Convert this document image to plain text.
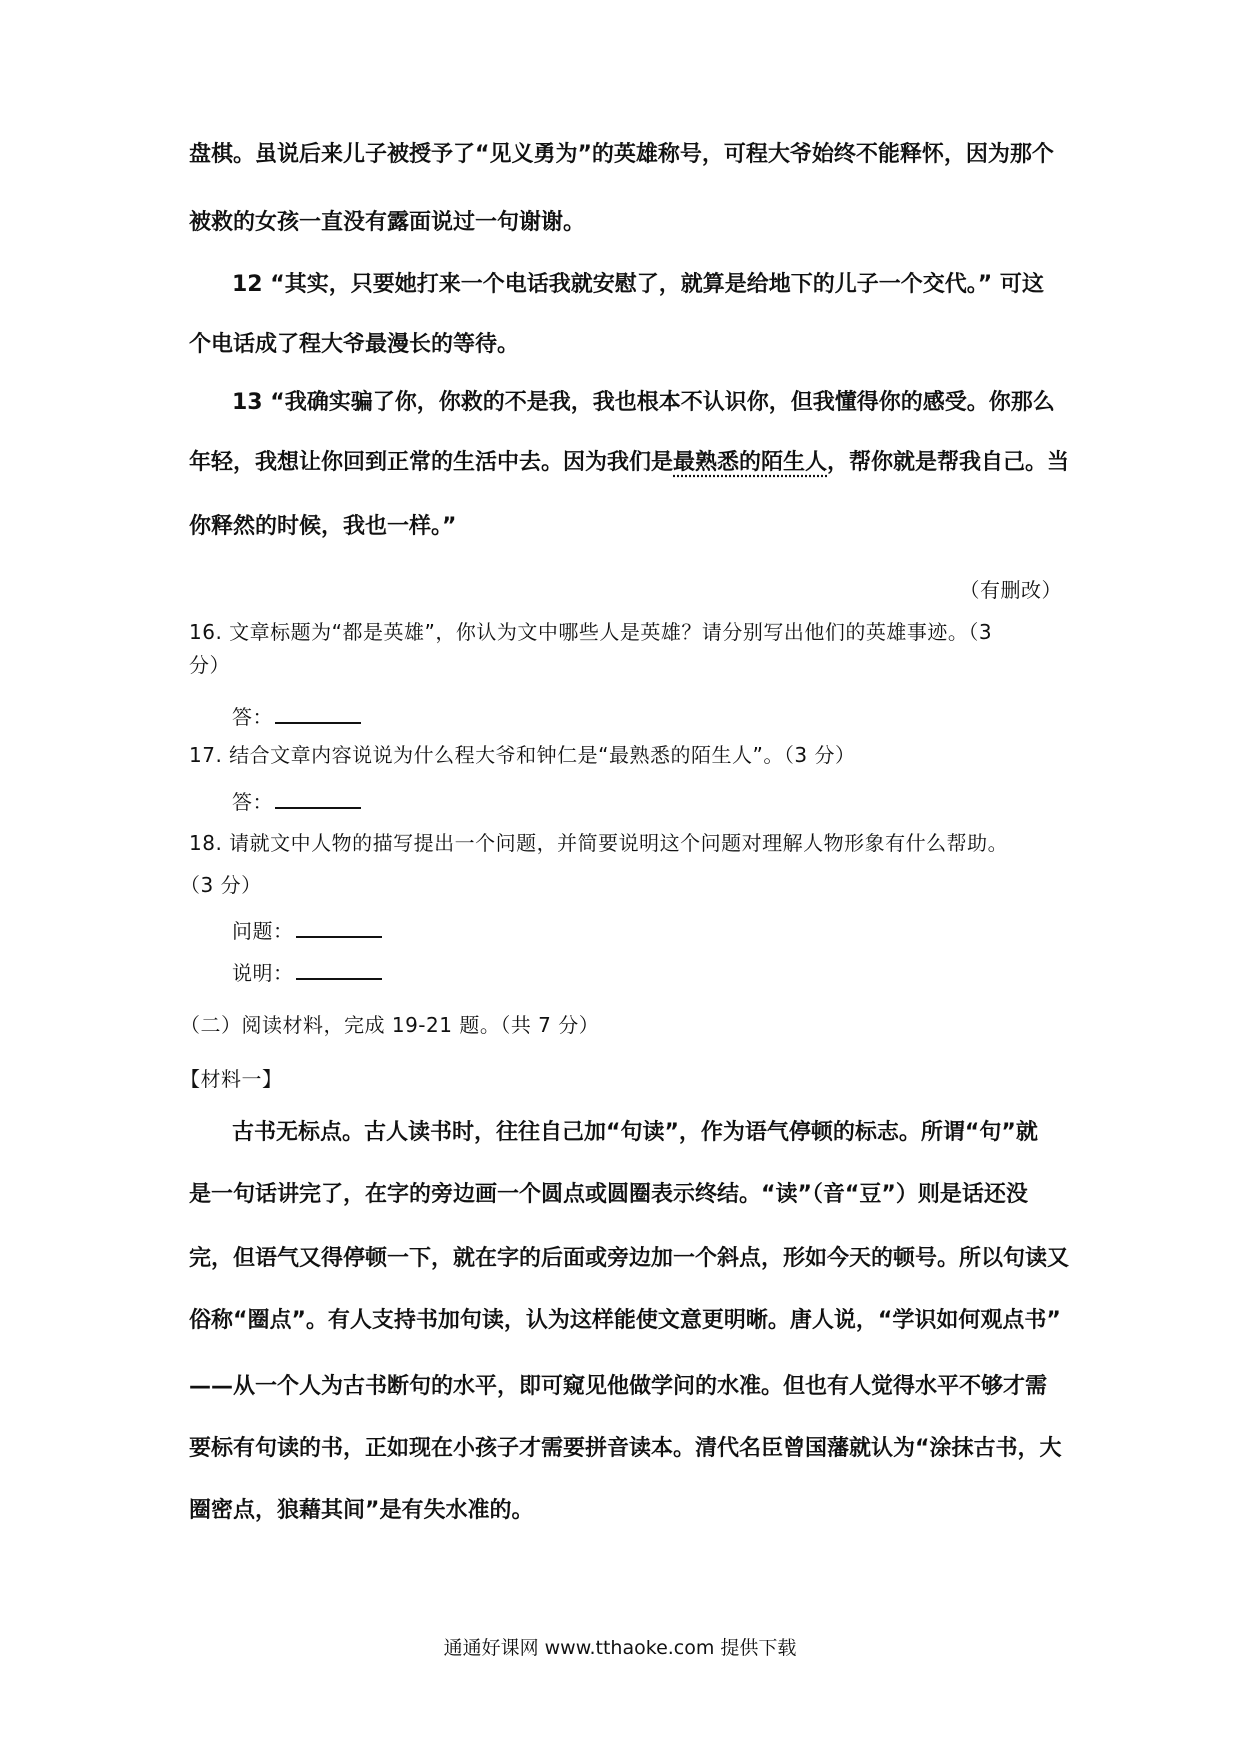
盘棋。虽说后来儿子被授予了“见义勇为”的英雄称号，可程大爷始终不能释怀，因为那个
被救的女孩一直没有露面说过一句谢谢。
12 “其实，只要她打来一个电话我就安慰了，就算是给地下的儿子一个交代。” 可这
个电话成了程大爷最漫长的等待。
13 “我确实骗了你，你救的不是我，我也根本不认识你，但我懂得你的感受。你那么
年轻，我想让你回到正常的生活中去。因为我们是最熟悉的陌生人，帮你就是帮我自己。当
你释然的时候，我也一样。”
（有删改）
16. 文章标题为“都是英雄”，你认为文中哪些人是英雄？请分别写出他们的英雄事迹。（3
分）
答：
17. 结合文章内容说说为什么程大爷和钟仁是“最熟悉的陌生人”。（3 分）
答：
18. 请就文中人物的描写提出一个问题，并简要说明这个问题对理解人物形象有什么帮助。
（3 分）
问题：
说明：
（二）阅读材料，完成 19-21 题。（共 7 分）
【材料一】
古书无标点。古人读书时，往往自己加“句读”，作为语气停顿的标志。所谓“句”就
是一句话讲完了，在字的旁边画一个圆点或圆圈表示终结。“读”（音“豆”）则是话还没
完，但语气又得停顿一下，就在字的后面或旁边加一个斜点，形如今天的顿号。所以句读又
俗称“圈点”。有人支持书加句读，认为这样能使文意更明晰。唐人说，“学识如何观点书”
——从一个人为古书断句的水平，即可窥见他做学问的水准。但也有人觉得水平不够才需
要标有句读的书，正如现在小孩子才需要拼音读本。清代名臣曾国藩就认为“涂抹古书，大
圈密点，狼藉其间”是有失水准的。
通通好课网 www.tthaoke.com 提供下载
